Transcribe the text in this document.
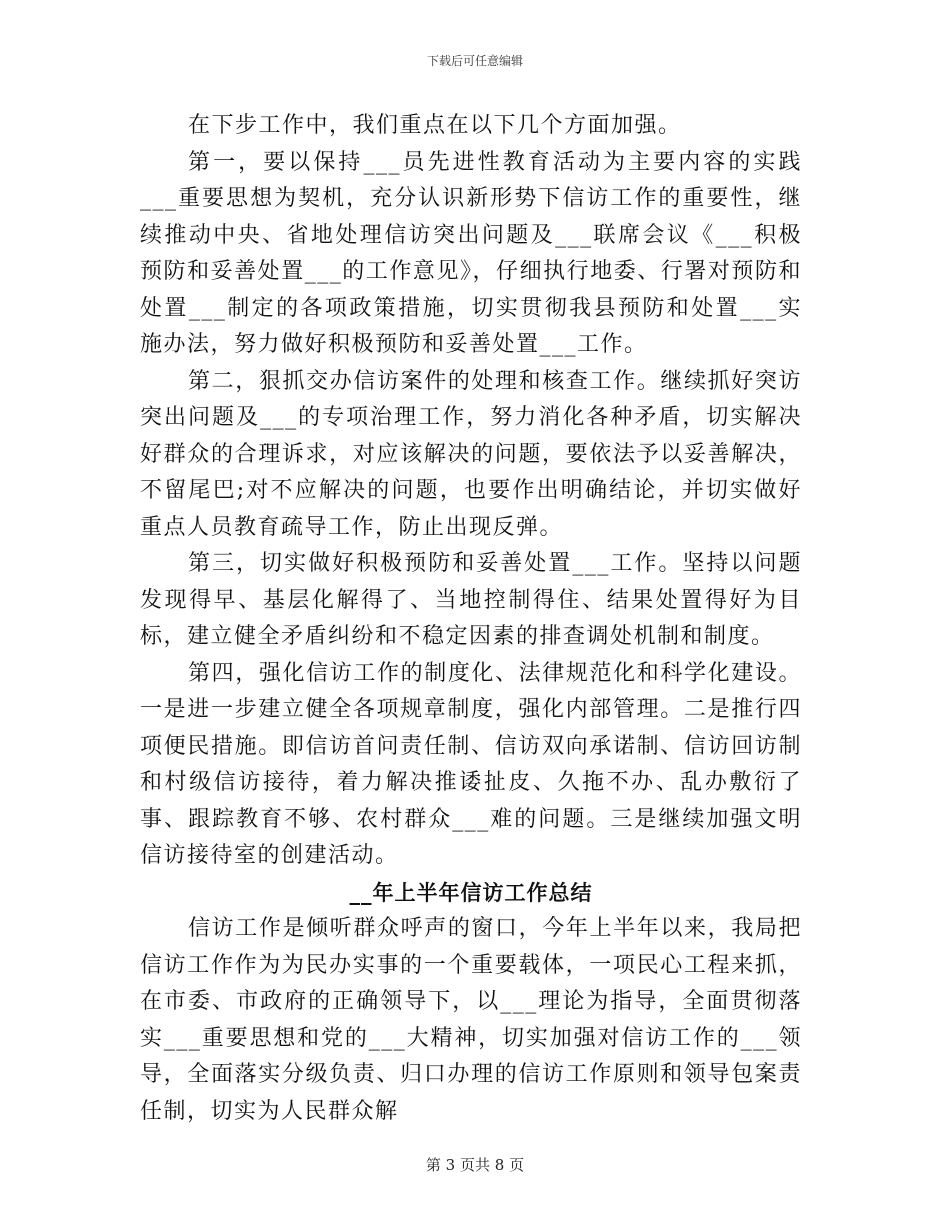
下载后可任意编辑

在下步工作中，我们重点在以下几个方面加强。

第一，要以保持___员先进性教育活动为主要内容的实践___重要思想为契机，充分认识新形势下信访工作的重要性，继续推动中央、省地处理信访突出问题及___联席会议《___积极预防和妥善处置___的工作意见》，仔细执行地委、行署对预防和处置___制定的各项政策措施，切实贯彻我县预防和处置___实施办法，努力做好积极预防和妥善处置___工作。

第二，狠抓交办信访案件的处理和核查工作。继续抓好突访突出问题及___的专项治理工作，努力消化各种矛盾，切实解决好群众的合理诉求，对应该解决的问题，要依法予以妥善解决，不留尾巴;对不应解决的问题，也要作出明确结论，并切实做好重点人员教育疏导工作，防止出现反弹。

第三，切实做好积极预防和妥善处置___工作。坚持以问题发现得早、基层化解得了、当地控制得住、结果处置得好为目标，建立健全矛盾纠纷和不稳定因素的排查调处机制和制度。

第四，强化信访工作的制度化、法律规范化和科学化建设。一是进一步建立健全各项规章制度，强化内部管理。二是推行四项便民措施。即信访首问责任制、信访双向承诺制、信访回访制和村级信访接待，着力解决推诿扯皮、久拖不办、乱办敷衍了事、跟踪教育不够、农村群众___难的问题。三是继续加强文明信访接待室的创建活动。

__年上半年信访工作总结

信访工作是倾听群众呼声的窗口，今年上半年以来，我局把信访工作作为为民办实事的一个重要载体，一项民心工程来抓，在市委、市政府的正确领导下，以___理论为指导，全面贯彻落实___重要思想和党的___大精神，切实加强对信访工作的___领导，全面落实分级负责、归口办理的信访工作原则和领导包案责任制，切实为人民群众解

第 3 页共 8 页
